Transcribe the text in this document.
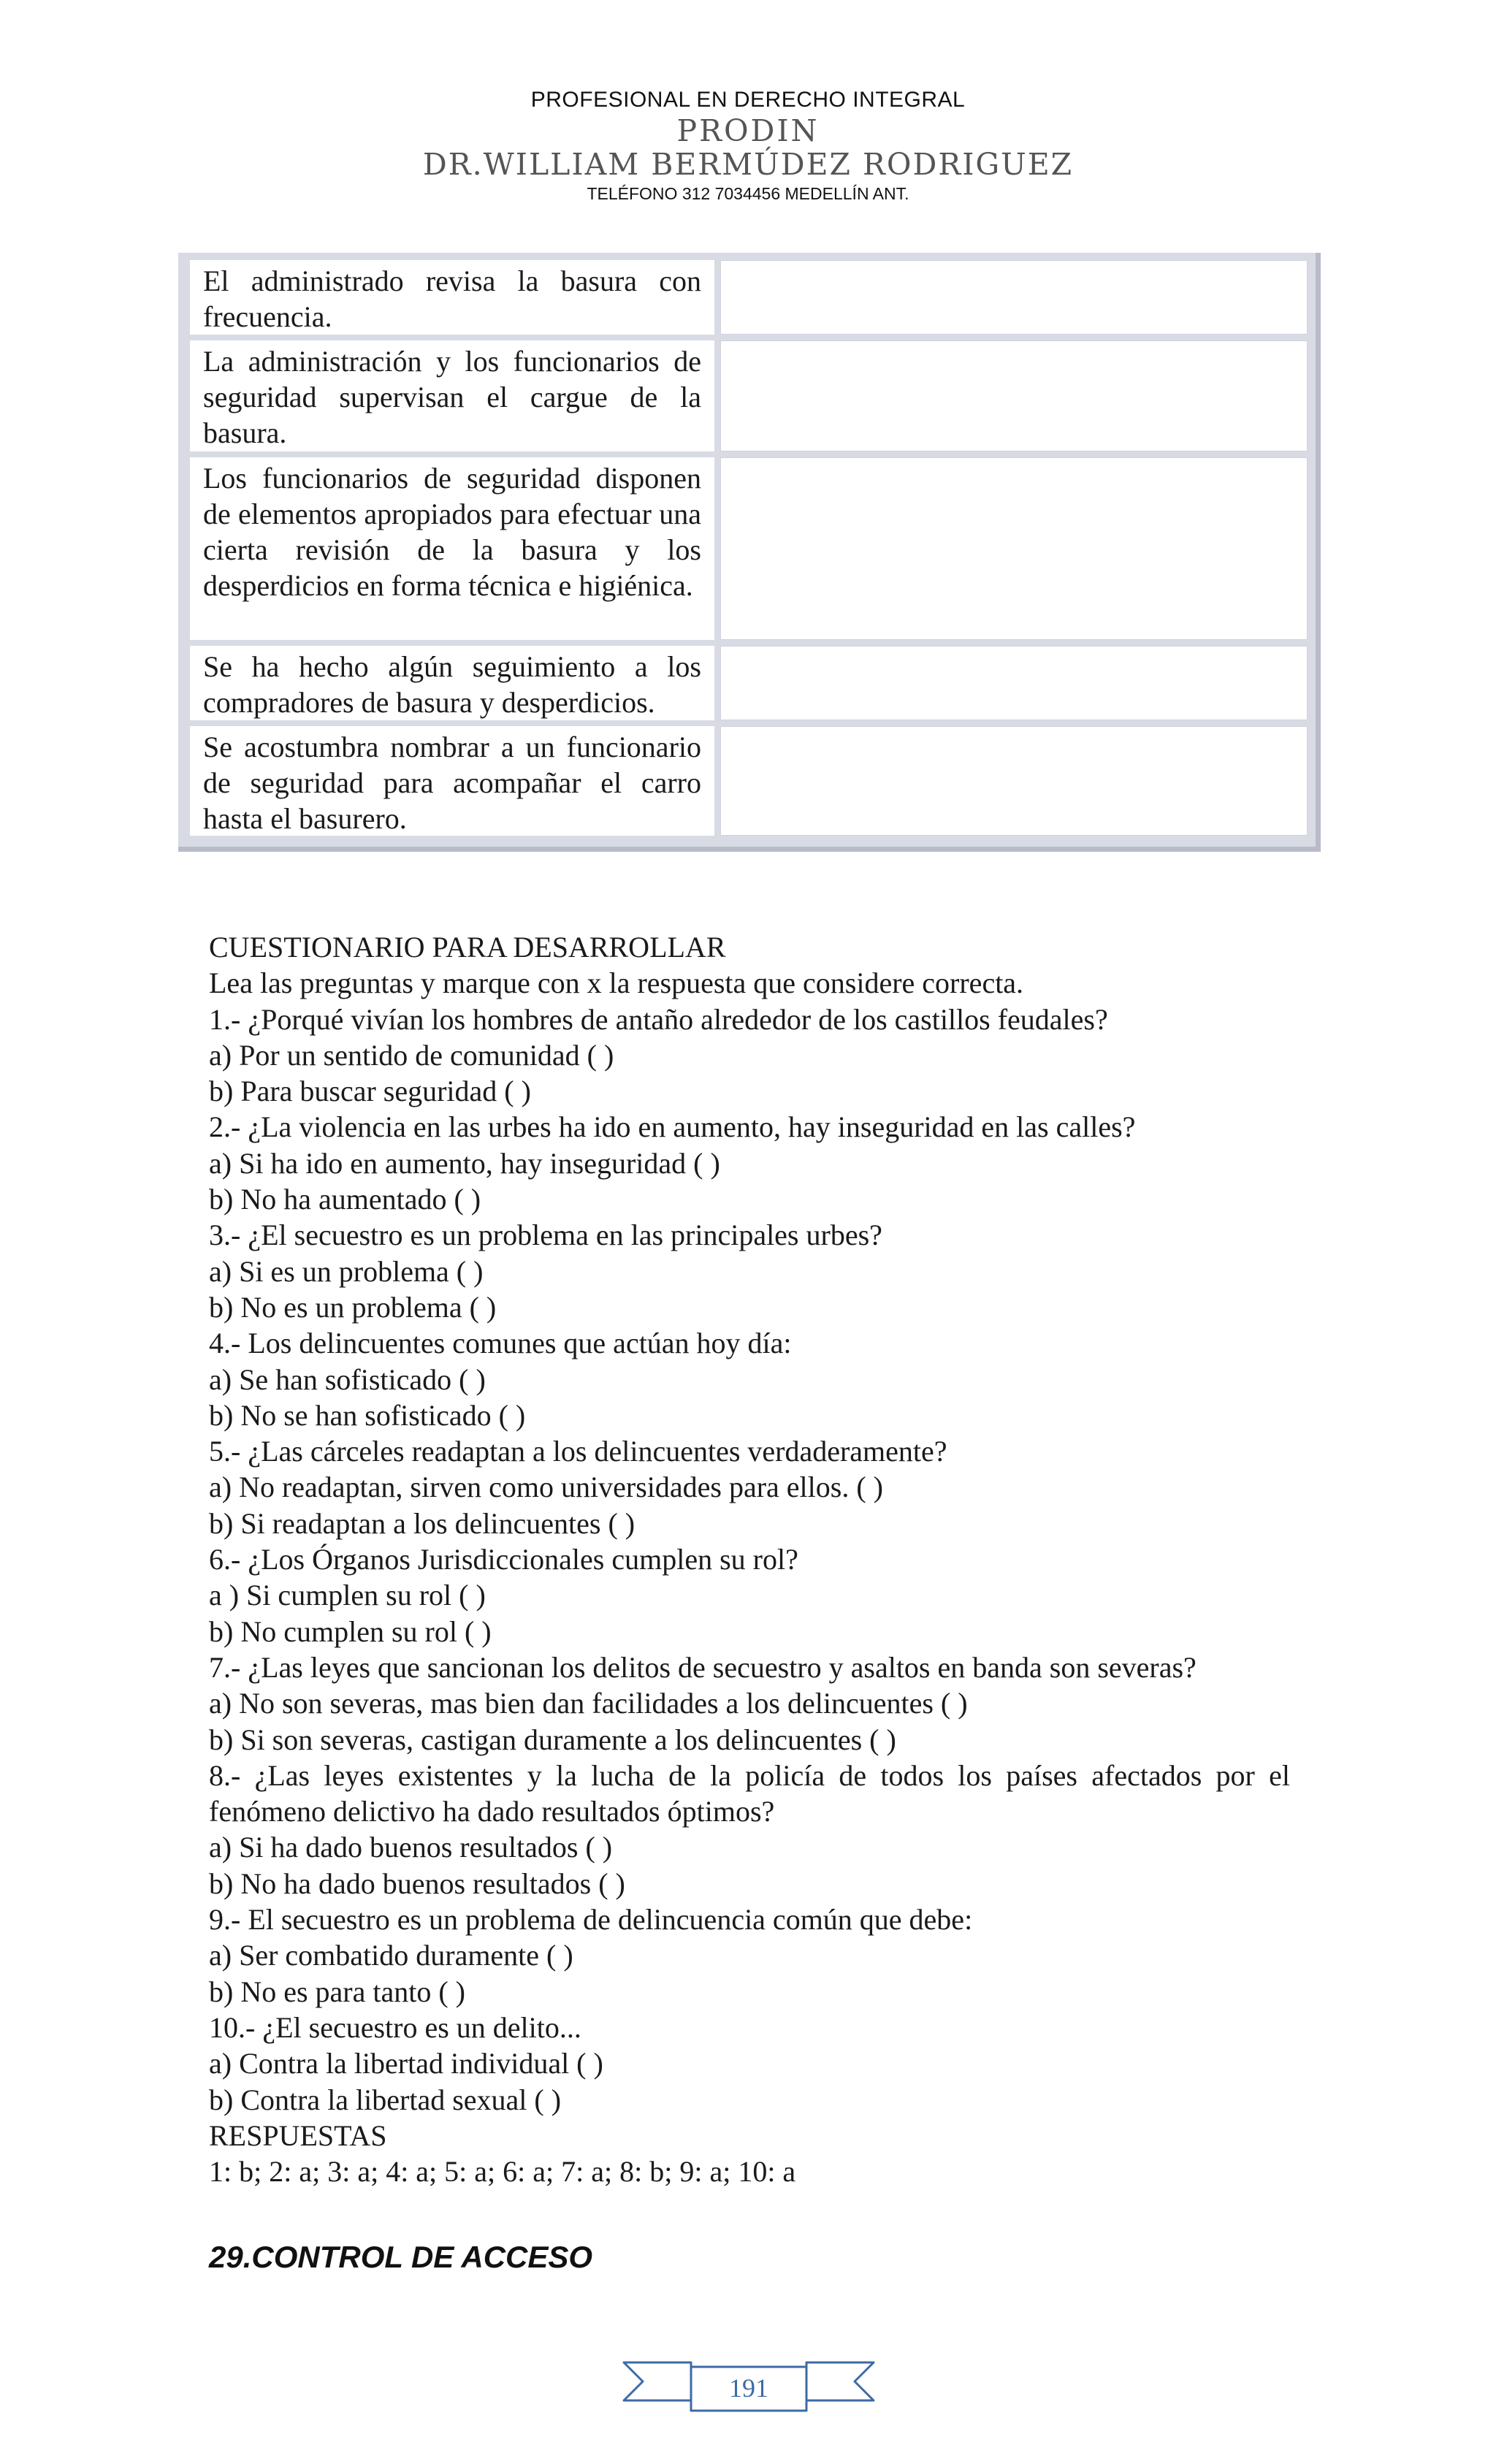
PROFESIONAL EN DERECHO INTEGRAL
PRODIN
DR.WILLIAM BERMÚDEZ RODRIGUEZ
TELÉFONO 312 7034456 MEDELLÍN ANT.
El administrado revisa la basura con frecuencia.
La administración y los funcionarios de seguridad supervisan el cargue de la basura.
Los funcionarios de seguridad disponen de elementos apropiados para efectuar una cierta revisión de la basura y los desperdicios en forma técnica e higiénica.
Se ha hecho algún seguimiento a los compradores de basura y desperdicios.
Se acostumbra nombrar a un funcionario de seguridad para acompañar el carro hasta el basurero.

CUESTIONARIO PARA DESARROLLAR

Lea las preguntas y marque con x la respuesta que considere correcta.

1.- ¿Porqué vivían los hombres de antaño alrededor de los castillos feudales?

a) Por un sentido de comunidad ( )

b) Para buscar seguridad ( )

2.- ¿La violencia en las urbes ha ido en aumento, hay inseguridad en las calles?

a) Si ha ido en aumento, hay inseguridad ( )

b) No ha aumentado ( )

3.- ¿El secuestro es un problema en las principales urbes?

a) Si es un problema ( )

b) No es un problema ( )

4.- Los delincuentes comunes que actúan hoy día:

a) Se han sofisticado ( )

b) No se han sofisticado ( )

5.- ¿Las cárceles readaptan a los delincuentes verdaderamente?

a) No readaptan, sirven como universidades para ellos. ( )

b) Si readaptan a los delincuentes ( )

6.- ¿Los Órganos Jurisdiccionales cumplen su rol?

a ) Si cumplen su rol ( )

b) No cumplen su rol ( )

7.- ¿Las leyes que sancionan los delitos de secuestro y asaltos en banda son severas?

a) No son severas, mas bien dan facilidades a los delincuentes ( )

b) Si son severas, castigan duramente a los delincuentes ( )

8.- ¿Las leyes existentes y la lucha de la policía de todos los países afectados por el fenómeno delictivo ha dado resultados óptimos?

a) Si ha dado buenos resultados ( )

b) No ha dado buenos resultados ( )

9.- El secuestro es un problema de delincuencia común que debe:

a) Ser combatido duramente ( )

b) No es para tanto ( )

10.- ¿El secuestro es un delito...

a) Contra la libertad individual ( )

b) Contra la libertad sexual ( )

RESPUESTAS

1: b; 2: a; 3: a; 4: a; 5: a; 6: a; 7: a; 8: b; 9: a; 10: a

29.CONTROL DE ACCESO
191
